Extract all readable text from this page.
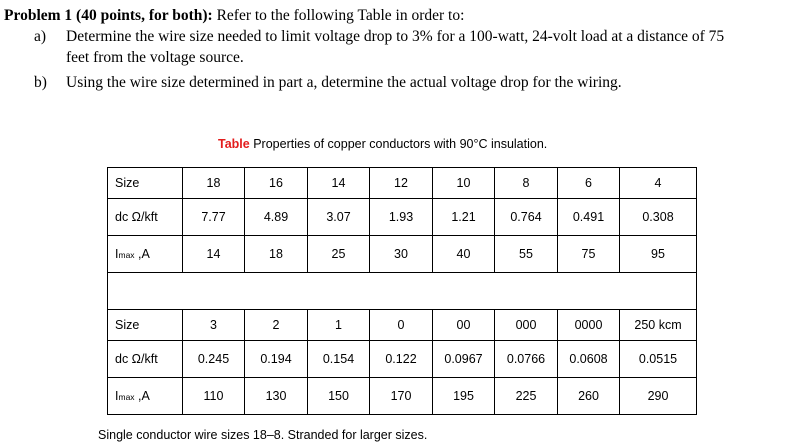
Problem 1 (40 points, for both): Refer to the following Table in order to:
a) Determine the wire size needed to limit voltage drop to 3% for a 100-watt, 24-volt load at a distance of 75
feet from the voltage source.
b) Using the wire size determined in part a, determine the actual voltage drop for the wiring.
Table Properties of copper conductors with 90°C insulation.
Size	18	16	14	12	10	8	6	4
dc Ω/kft	7.77	4.89	3.07	1.93	1.21	0.764	0.491	0.308
Imax ,A	14	18	25	30	40	55	75	95

Size	3	2	1	0	00	000	0000	250 kcm
dc Ω/kft	0.245	0.194	0.154	0.122	0.0967	0.0766	0.0608	0.0515
Imax ,A	110	130	150	170	195	225	260	290
Single conductor wire sizes 18–8. Stranded for larger sizes.
